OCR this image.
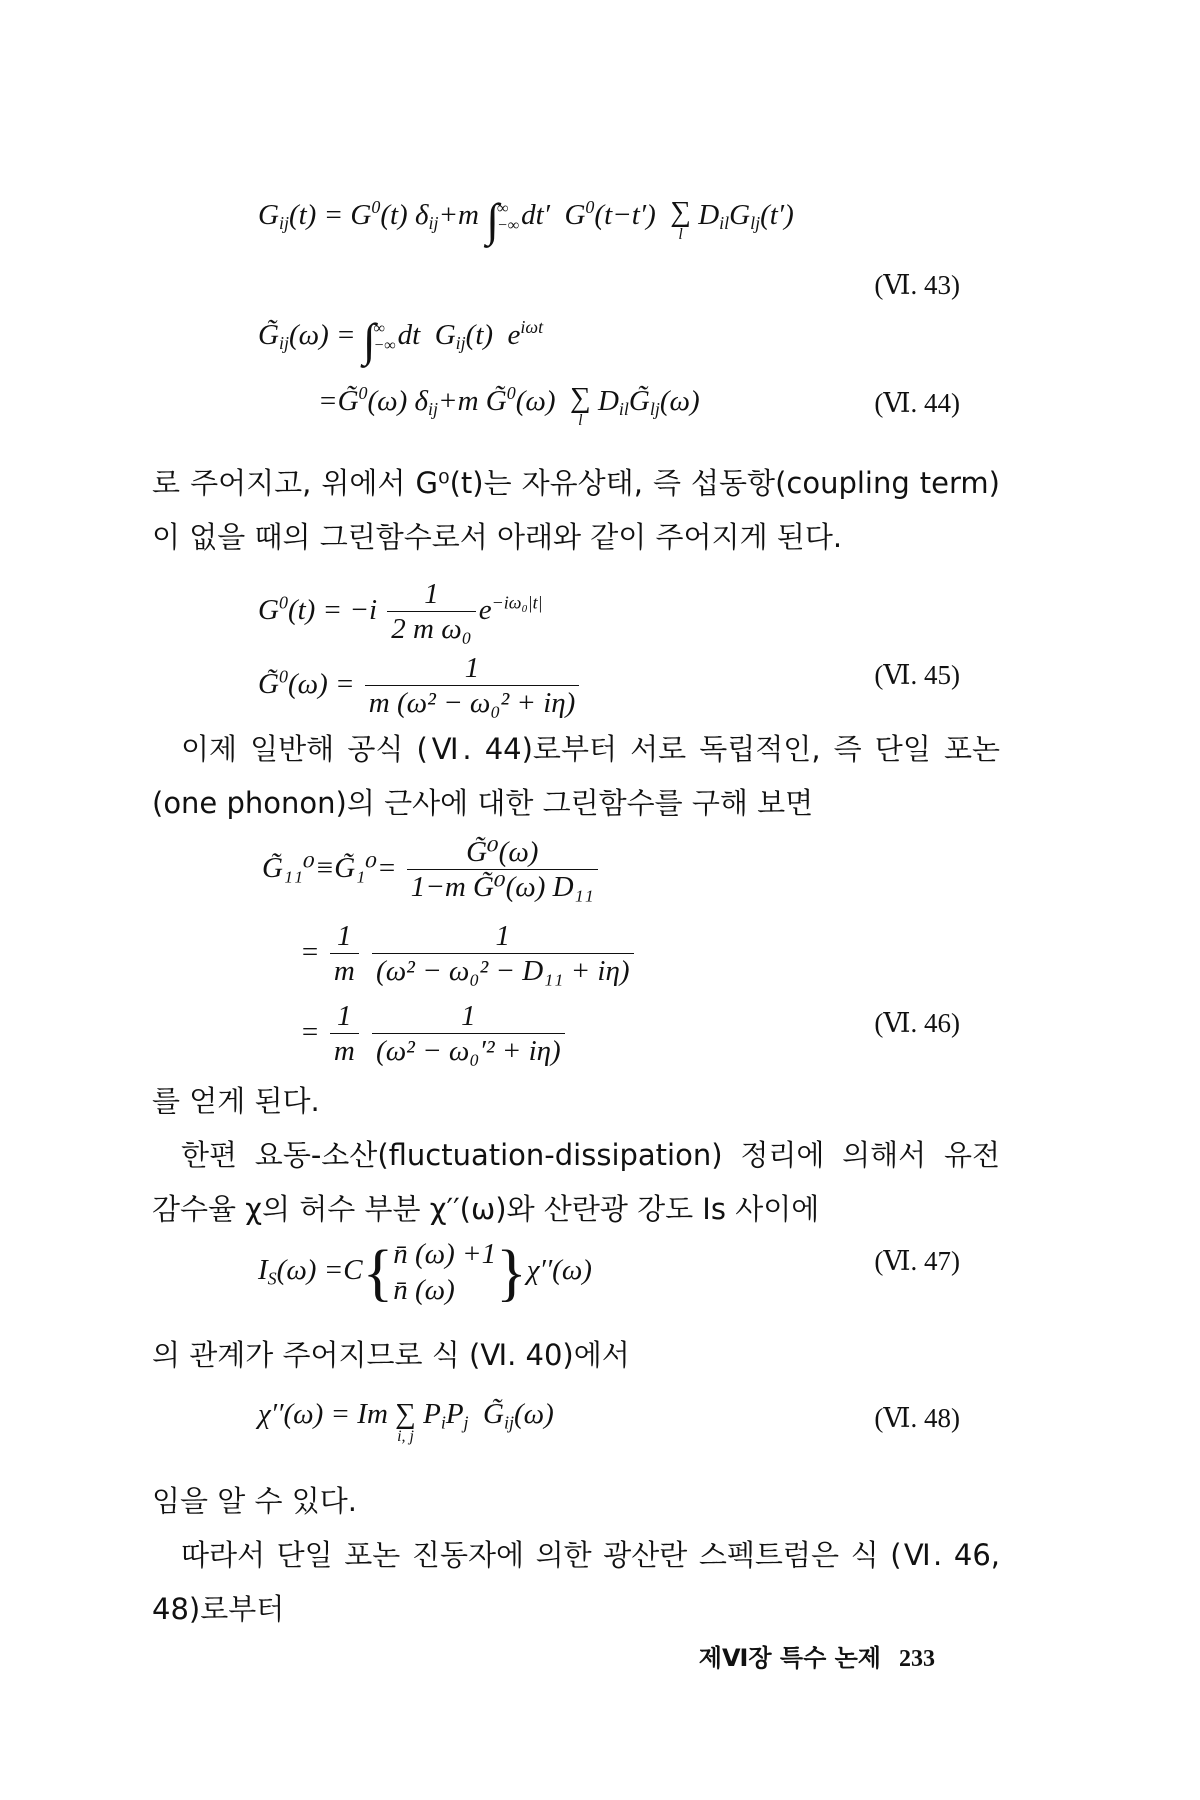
$G_{ij}(t) = G^0(t)$ $\delta_{ij}+m$ ∫
∞
−∞ dt′ $G^0(t-t')$ ∑
l
$D_{il}G_{lj}(t')$
(Ⅵ. 43)
$G̃_{ij}(\omega)$ = ∫
∞
−∞ dt $G_{ij}(t)$ $e^{i\omega t}$
=G̃$^0$(ω) $\delta_{ij}+m$ G̃$^0$(ω) ∑
l
$D_{il}G̃_{lj}(\omega)$	(Ⅵ. 44)

로 주어지고, 위에서 G⁰(t)는 자유상태, 즉 섭동항(coupling term)이 없을 때의 그린함수로서 아래와 같이 주어지게 된다.

$G^0(t) = -i \frac{1}{\text{2 m ω₀}} e^{-i\omega_0|t|}$
G̃$^0$(ω) = $\frac{1}{\text{m (ω² − ω₀² + iη)}}$	(Ⅵ. 45)

이제 일반해 공식 (Ⅵ. 44)로부터 서로 독립적인, 즉 단일 포논(one phonon)의 근사에 대한 그린함수를 구해 보면

G̃₁₁⁰≡G̃₁⁰= $\frac{\text{G̃⁰(ω)}}{\text{1−m G̃⁰(ω) D₁₁}}$
= $\frac{1}{m}$
$\frac{1}{\text{(ω² − ω₀² − D₁₁ + iη)}}$
= $\frac{1}{m}$
$\frac{1}{\text{(ω² − ω₀′² + iη)}}$	(Ⅵ. 46)

를 얻게 된다.

한편 요동-소산(fluctuation-dissipation) 정리에 의해서 유전 감수율 χ의 허수 부분 χ′′(ω)와 산란광 강도 Is 사이에

$I_S(\omega) =C${ n̄ (ω) +1
n̄ (ω) }χ′′(ω)	(Ⅵ. 47)

의 관계가 주어지므로 식 (Ⅵ. 40)에서

χ′′(ω) = Im ∑
i, j
$P_iP_j$ $G̃_{ij}(\omega)$	(Ⅵ. 48)

임을 알 수 있다.

따라서 단일 포논 진동자에 의한 광산란 스펙트럼은 식 (Ⅵ. 46, 48)로부터

제Ⅵ장 특수 논제 233
